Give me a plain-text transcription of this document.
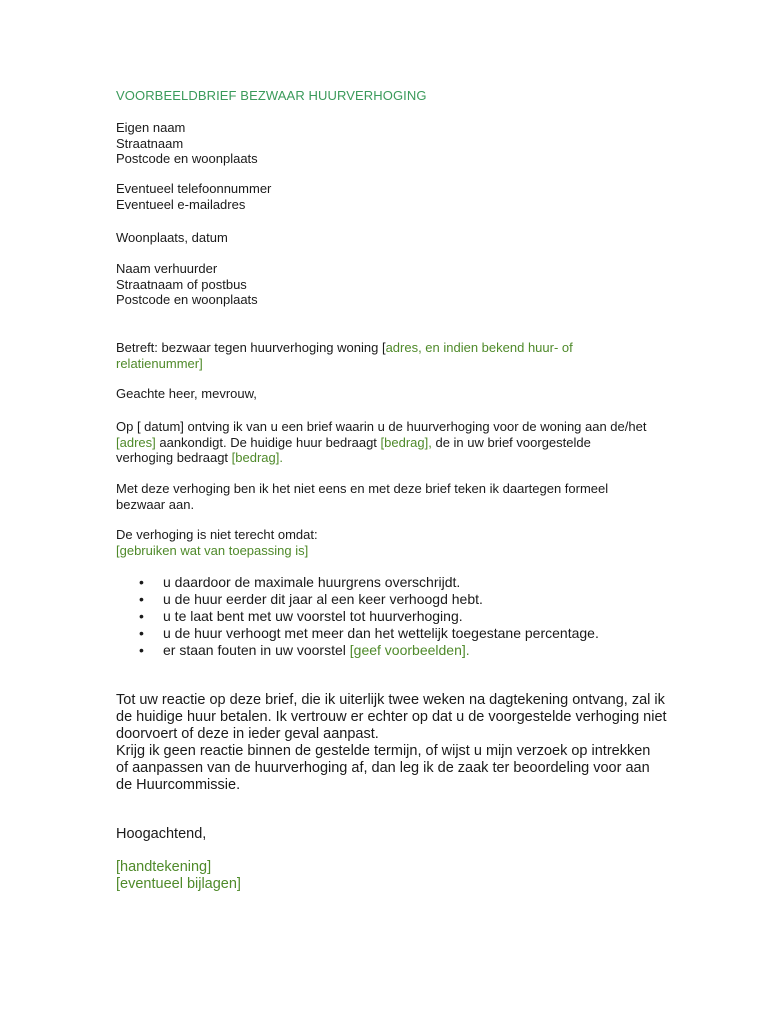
VOORBEELDBRIEF BEZWAAR HUURVERHOGING
Eigen naam
Straatnaam
Postcode en woonplaats
Eventueel telefoonnummer
Eventueel e-mailadres
Woonplaats, datum
Naam verhuurder
Straatnaam of postbus
Postcode en woonplaats
Betreft: bezwaar tegen huurverhoging woning [adres, en indien bekend huur- of
relatienummer]
Geachte heer, mevrouw,
Op [ datum] ontving ik van u een brief waarin u de huurverhoging voor de woning aan de/het
[adres] aankondigt. De huidige huur bedraagt [bedrag], de in uw brief voorgestelde
verhoging bedraagt [bedrag].
Met deze verhoging ben ik het niet eens en met deze brief teken ik daartegen formeel
bezwaar aan.
De verhoging is niet terecht omdat:
[gebruiken wat van toepassing is]
• u daardoor de maximale huurgrens overschrijdt.
• u de huur eerder dit jaar al een keer verhoogd hebt.
• u te laat bent met uw voorstel tot huurverhoging.
• u de huur verhoogt met meer dan het wettelijk toegestane percentage.
• er staan fouten in uw voorstel [geef voorbeelden].
Tot uw reactie op deze brief, die ik uiterlijk twee weken na dagtekening ontvang, zal ik
de huidige huur betalen. Ik vertrouw er echter op dat u de voorgestelde verhoging niet
doorvoert of deze in ieder geval aanpast.
Krijg ik geen reactie binnen de gestelde termijn, of wijst u mijn verzoek op intrekken
of aanpassen van de huurverhoging af, dan leg ik de zaak ter beoordeling voor aan
de Huurcommissie.
Hoogachtend,
[handtekening]
[eventueel bijlagen]
